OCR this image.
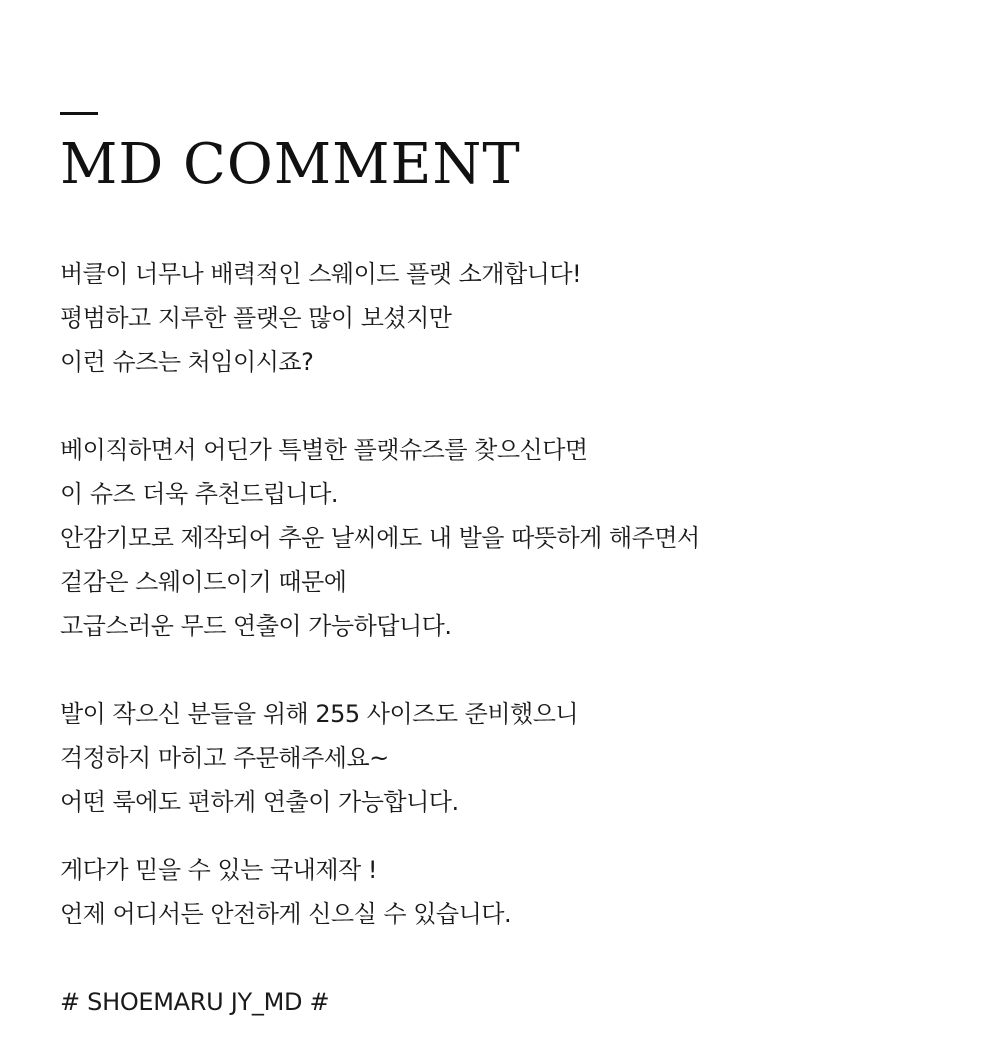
MD COMMENT

버클이 너무나 배력적인 스웨이드 플랫 소개합니다!
평범하고 지루한 플랫은 많이 보셨지만
이런 슈즈는 처임이시죠?

베이직하면서 어딘가 특별한 플랫슈즈를 찾으신다면
이 슈즈 더욱 추천드립니다.
안감기모로 제작되어 추운 날씨에도 내 발을 따뜻하게 해주면서
겉감은 스웨이드이기 때문에
고급스러운 무드 연출이 가능하답니다.

발이 작으신 분들을 위해 255 사이즈도 준비했으니
걱정하지 마히고 주문해주세요~
어떤 룩에도 편하게 연출이 가능합니다.

게다가 믿을 수 있는 국내제작 !
언제 어디서든 안전하게 신으실 수 있습니다.

# SHOEMARU JY_MD #
